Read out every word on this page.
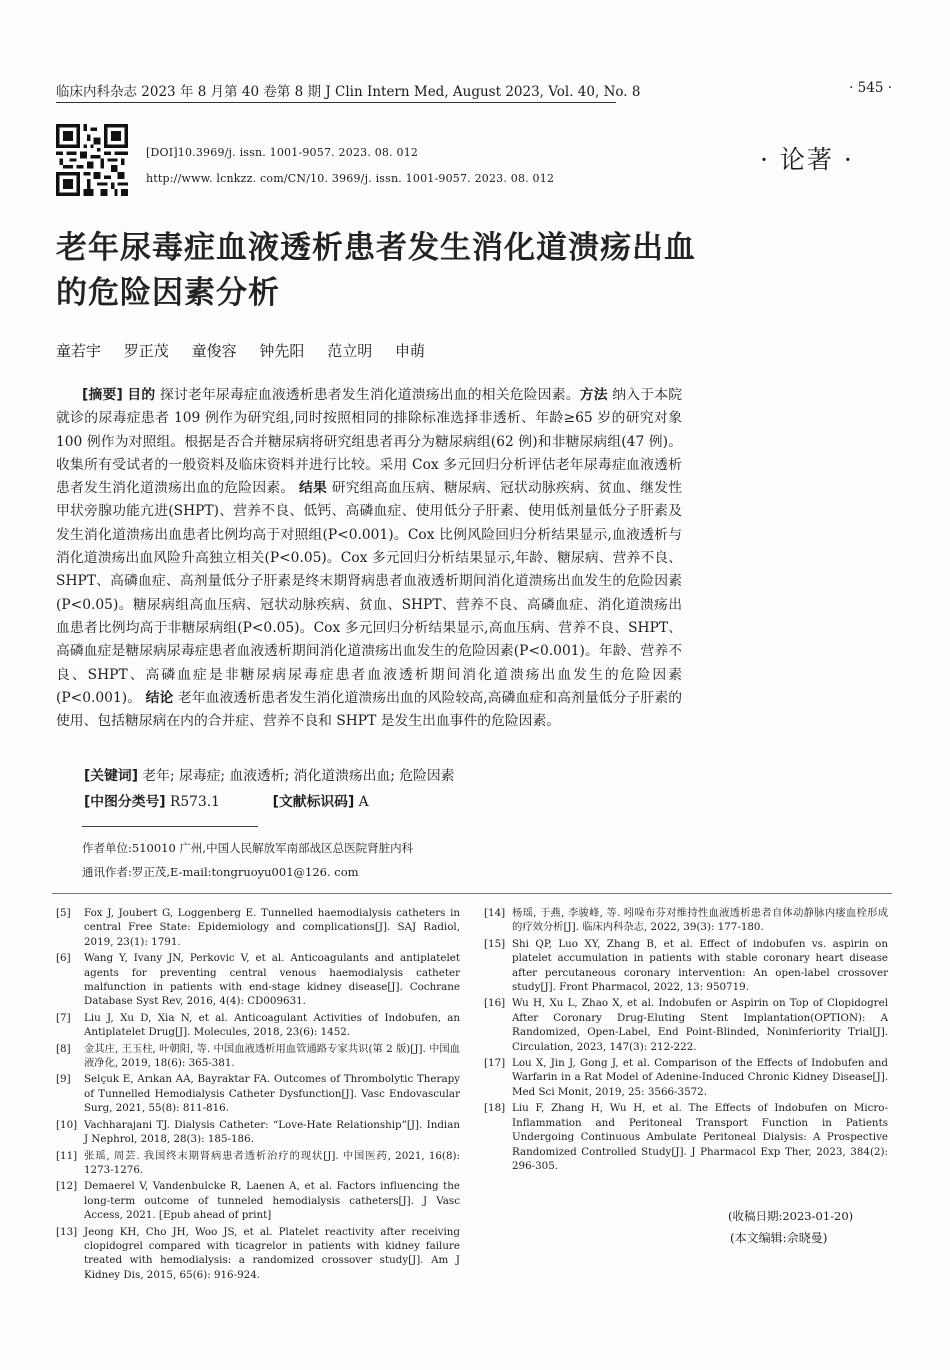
临床内科杂志 2023 年 8 月第 40 卷第 8 期 J Clin Intern Med, August 2023, Vol. 40, No. 8	· 545 ·
[DOI]10.3969/j. issn. 1001-9057. 2023. 08. 012
http://www. lcnkzz. com/CN/10. 3969/j. issn. 1001-9057. 2023. 08. 012
· 论著 ·
老年尿毒症血液透析患者发生消化道溃疡出血的危险因素分析
童若宇 罗正茂 童俊容 钟先阳 范立明 申萌

[摘要] 目的 探讨老年尿毒症血液透析患者发生消化道溃疡出血的相关危险因素。方法 纳入于本院就诊的尿毒症患者 109 例作为研究组,同时按照相同的排除标准选择非透析、年龄≥65 岁的研究对象 100 例作为对照组。根据是否合并糖尿病将研究组患者再分为糖尿病组(62 例)和非糖尿病组(47 例)。收集所有受试者的一般资料及临床资料并进行比较。采用 Cox 多元回归分析评估老年尿毒症血液透析患者发生消化道溃疡出血的危险因素。 结果 研究组高血压病、糖尿病、冠状动脉疾病、贫血、继发性甲状旁腺功能亢进(SHPT)、营养不良、低钙、高磷血症、使用低分子肝素、使用低剂量低分子肝素及发生消化道溃疡出血患者比例均高于对照组(P<0.001)。Cox 比例风险回归分析结果显示,血液透析与消化道溃疡出血风险升高独立相关(P<0.05)。Cox 多元回归分析结果显示,年龄、糖尿病、营养不良、SHPT、高磷血症、高剂量低分子肝素是终末期肾病患者血液透析期间消化道溃疡出血发生的危险因素(P<0.05)。糖尿病组高血压病、冠状动脉疾病、贫血、SHPT、营养不良、高磷血症、消化道溃疡出血患者比例均高于非糖尿病组(P<0.05)。Cox 多元回归分析结果显示,高血压病、营养不良、SHPT、高磷血症是糖尿病尿毒症患者血液透析期间消化道溃疡出血发生的危险因素(P<0.001)。年龄、营养不良、SHPT、高磷血症是非糖尿病尿毒症患者血液透析期间消化道溃疡出血发生的危险因素(P<0.001)。 结论 老年血液透析患者发生消化道溃疡出血的风险较高,高磷血症和高剂量低分子肝素的使用、包括糖尿病在内的合并症、营养不良和 SHPT 是发生出血事件的危险因素。

[关键词] 老年; 尿毒症; 血液透析; 消化道溃疡出血; 危险因素
[中图分类号] R573.1	[文献标识码] A
作者单位:510010 广州,中国人民解放军南部战区总医院肾脏内科
通讯作者:罗正茂,E-mail:tongruoyu001@126. com
[5] Fox J, Joubert G, Loggenberg E. Tunnelled haemodialysis catheters in central Free State: Epidemiology and complications[J]. SAJ Radiol, 2019, 23(1): 1791.
[6] Wang Y, Ivany JN, Perkovic V, et al. Anticoagulants and antiplatelet agents for preventing central venous haemodialysis catheter malfunction in patients with end-stage kidney disease[J]. Cochrane Database Syst Rev, 2016, 4(4): CD009631.
[7] Liu J, Xu D, Xia N, et al. Anticoagulant Activities of Indobufen, an Antiplatelet Drug[J]. Molecules, 2018, 23(6): 1452.
[8] 金其庄, 王玉柱, 叶朝阳, 等. 中国血液透析用血管通路专家共识(第 2 版)[J]. 中国血液净化, 2019, 18(6): 365-381.
[9] Selçuk E, Arıkan AA, Bayraktar FA. Outcomes of Thrombolytic Therapy of Tunnelled Hemodialysis Catheter Dysfunction[J]. Vasc Endovascular Surg, 2021, 55(8): 811-816.
[10] Vachharajani TJ. Dialysis Catheter: “Love-Hate Relationship”[J]. Indian J Nephrol, 2018, 28(3): 185-186.
[11] 张瑶, 周芸. 我国终末期肾病患者透析治疗的现状[J]. 中国医药, 2021, 16(8): 1273-1276.
[12] Demaerel V, Vandenbulcke R, Laenen A, et al. Factors influencing the long-term outcome of tunneled hemodialysis catheters[J]. J Vasc Access, 2021. [Epub ahead of print]
[13] Jeong KH, Cho JH, Woo JS, et al. Platelet reactivity after receiving clopidogrel compared with ticagrelor in patients with kidney failure treated with hemodialysis: a randomized crossover study[J]. Am J Kidney Dis, 2015, 65(6): 916-924.
[14] 杨瑶, 于燕, 李骏峰, 等. 吲哚布芬对维持性血液透析患者自体动静脉内瘘血栓形成的疗效分析[J]. 临床内科杂志, 2022, 39(3): 177-180.
[15] Shi QP, Luo XY, Zhang B, et al. Effect of indobufen vs. aspirin on platelet accumulation in patients with stable coronary heart disease after percutaneous coronary intervention: An open-label crossover study[J]. Front Pharmacol, 2022, 13: 950719.
[16] Wu H, Xu L, Zhao X, et al. Indobufen or Aspirin on Top of Clopidogrel After Coronary Drug-Eluting Stent Implantation(OPTION): A Randomized, Open-Label, End Point-Blinded, Noninferiority Trial[J]. Circulation, 2023, 147(3): 212-222.
[17] Lou X, Jin J, Gong J, et al. Comparison of the Effects of Indobufen and Warfarin in a Rat Model of Adenine-Induced Chronic Kidney Disease[J]. Med Sci Monit, 2019, 25: 3566-3572.
[18] Liu F, Zhang H, Wu H, et al. The Effects of Indobufen on Micro-Inflammation and Peritoneal Transport Function in Patients Undergoing Continuous Ambulate Peritoneal Dialysis: A Prospective Randomized Controlled Study[J]. J Pharmacol Exp Ther, 2023, 384(2): 296-305.
(收稿日期:2023-01-20)
(本文编辑:佘晓曼)
